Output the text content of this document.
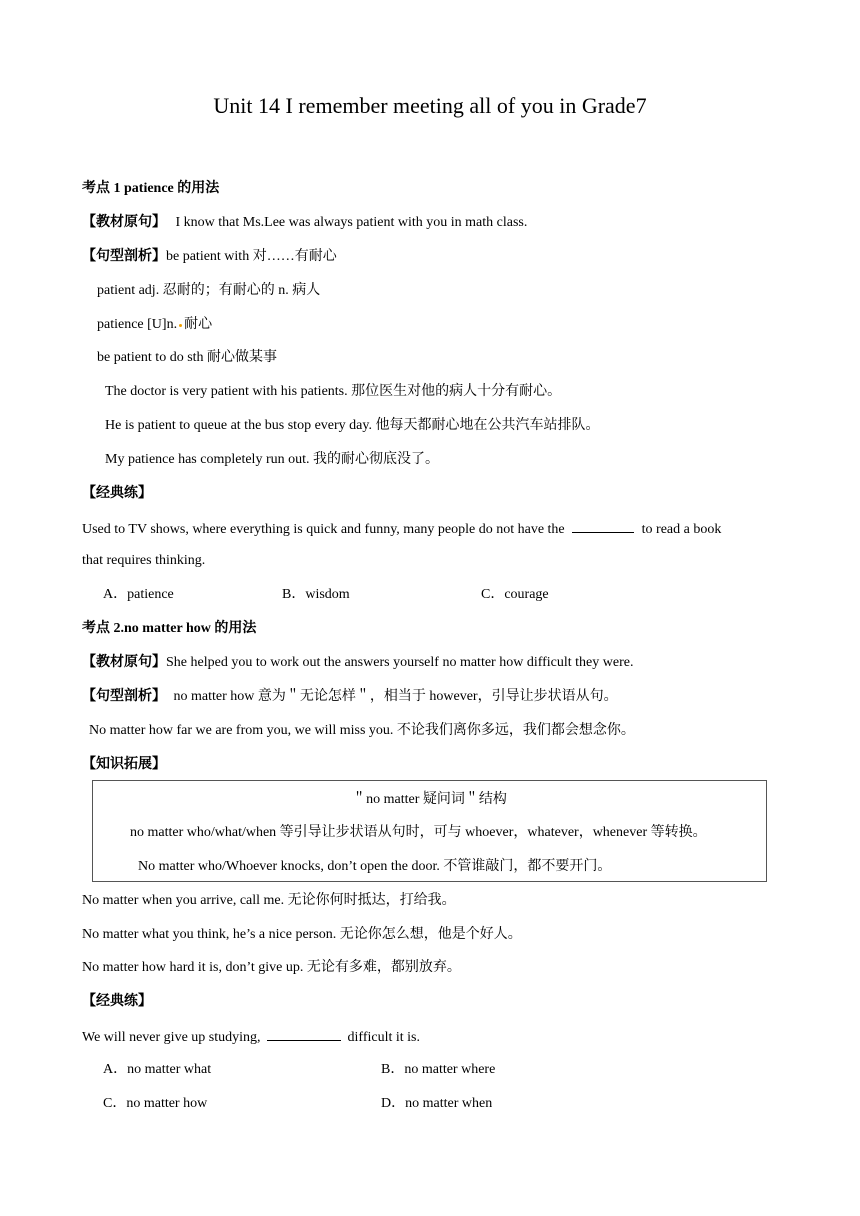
Unit 14 I remember meeting all of you in Grade7
考点 1 patience 的用法
【教材原句】 I know that Ms.Lee was always patient with you in math class.
【句型剖析】be patient with 对……有耐心
patient adj. 忍耐的；有耐心的 n. 病人
patience [U]n. 耐心
be patient to do sth 耐心做某事
The doctor is very patient with his patients. 那位医生对他的病人十分有耐心。
He is patient to queue at the bus stop every day. 他每天都耐心地在公共汽车站排队。
My patience has completely run out. 我的耐心彻底没了。
【经典练】
Used to TV shows, where everything is quick and funny, many people do not have the	to read a book
that requires thinking.
A．patience	B．wisdom	C．courage
考点 2.no matter how 的用法
【教材原句】She helped you to work out the answers yourself no matter how difficult they were.
【句型剖析】 no matter how 意为＂无论怎样＂，相当于 however，引导让步状语从句。
No matter how far we are from you, we will miss you. 不论我们离你多远，我们都会想念你。
【知识拓展】
＂no matter 疑问词＂结构
no matter who/what/when 等引导让步状语从句时，可与 whoever，whatever，whenever 等转换。
No matter who/Whoever knocks, don’t open the door. 不管谁敲门，都不要开门。
No matter when you arrive, call me. 无论你何时抵达，打给我。
No matter what you think, he’s a nice person. 无论你怎么想，他是个好人。
No matter how hard it is, don’t give up. 无论有多难，都别放弃。
【经典练】
We will never give up studying,	difficult it is.
A．no matter what	B．no matter where
C．no matter how	D．no matter when
